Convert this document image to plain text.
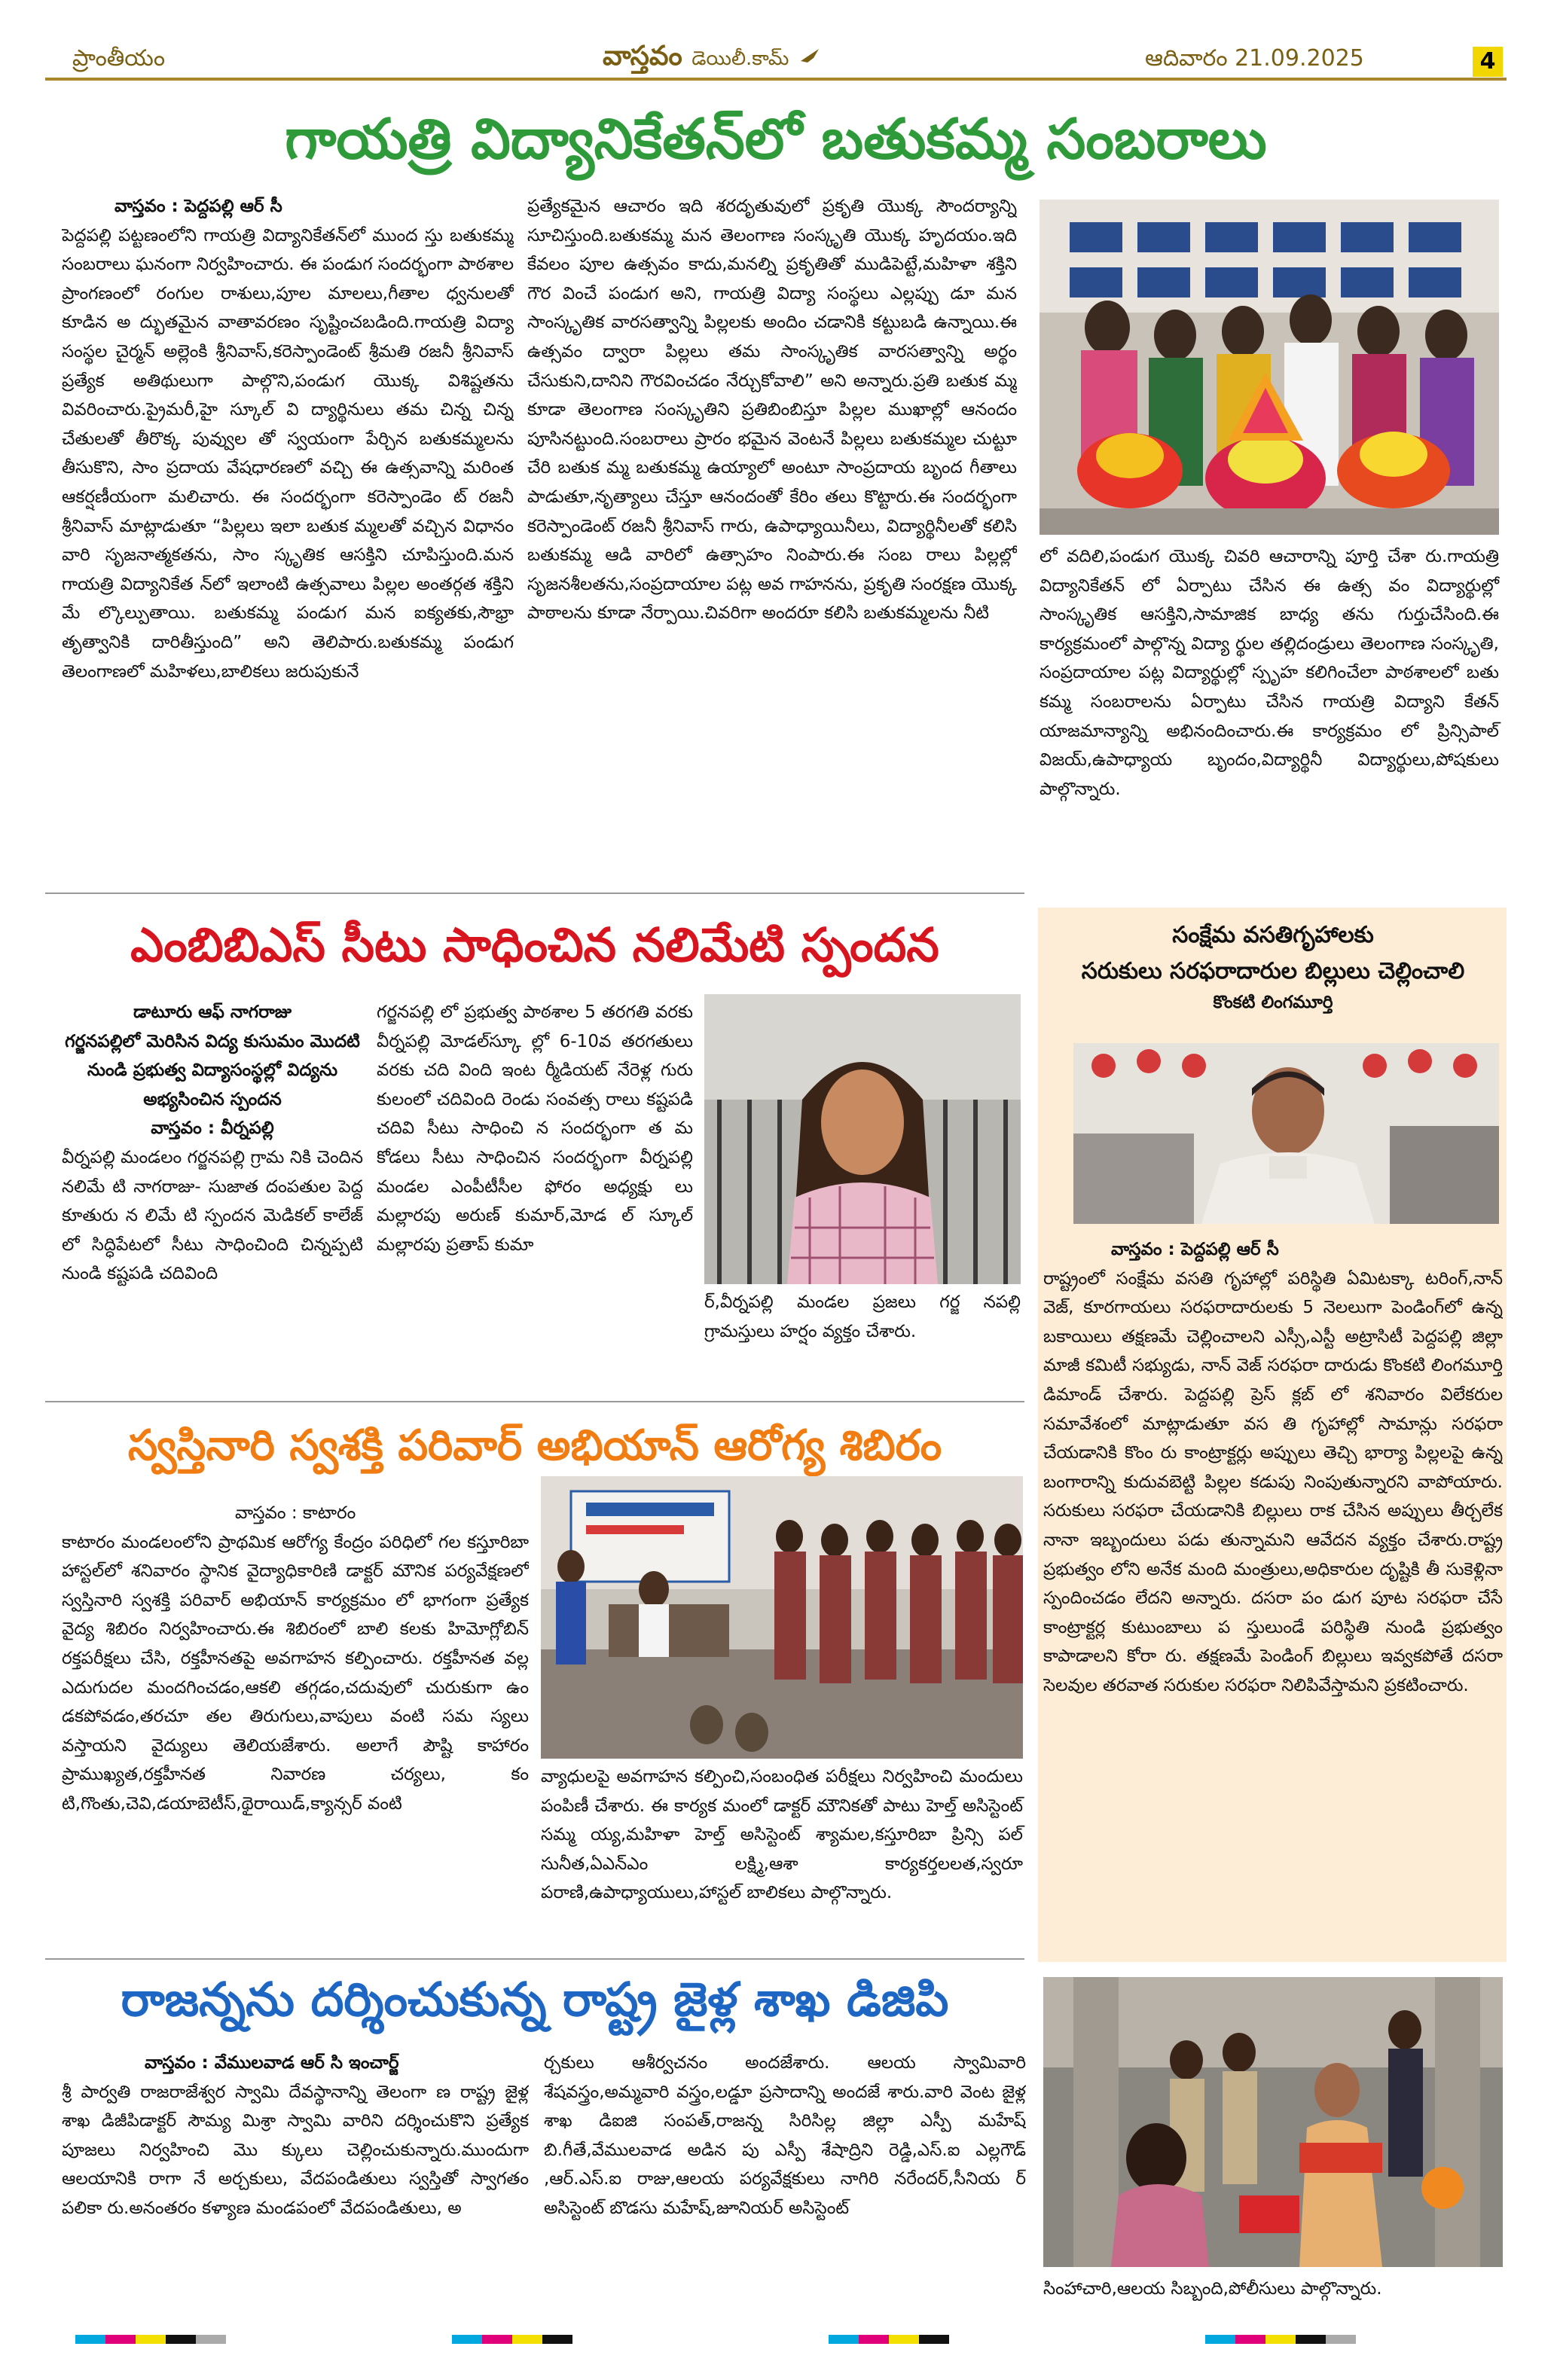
ప్రాంతీయం	వాస్తవం డెయిలీ.కామ్	ఆదివారం 21.09.2025	4
గాయత్రి విద్యానికేతన్‌లో బతుకమ్మ సంబరాలు
వాస్తవం : పెద్దపల్లి ఆర్ సీ
పెద్దపల్లి పట్టణంలోని గాయత్రి విద్యానికేతన్‌లో ముంద స్తు బతుకమ్మ సంబరాలు ఘనంగా నిర్వహించారు. ఈ పండుగ సందర్భంగా పాఠశాల ప్రాంగణంలో రంగుల రాశులు,పూల మాలలు,గీతాల ధ్వనులతో కూడిన అ ద్భుతమైన వాతావరణం సృష్టించబడింది.గాయత్రి విద్యా సంస్థల చైర్మన్ అల్లెంకి శ్రీనివాస్,కరెస్పాండెంట్ శ్రీమతి రజనీ శ్రీనివాస్ ప్రత్యేక అతిథులుగా పాల్గొని,పండుగ యొక్క విశిష్టతను వివరించారు.ప్రైమరీ,హై స్కూల్ వి ద్యార్థినులు తమ చిన్న చిన్న చేతులతో తీరొక్క పువ్వుల తో స్వయంగా పేర్చిన బతుకమ్మలను తీసుకొని, సాం ప్రదాయ వేషధారణలో వచ్చి ఈ ఉత్సవాన్ని మరింత ఆకర్షణీయంగా మలిచారు. ఈ సందర్భంగా కరెస్పాండెం ట్ రజనీ శ్రీనివాస్ మాట్లాడుతూ “పిల్లలు ఇలా బతుక మ్మలతో వచ్చిన విధానం వారి సృజనాత్మకతను, సాం స్కృతిక ఆసక్తిని చూపిస్తుంది.మన గాయత్రి విద్యానికేత న్‌లో ఇలాంటి ఉత్సవాలు పిల్లల అంతర్గత శక్తిని మే ల్కొల్పుతాయి. బతుకమ్మ పండుగ మన ఐక్యతకు,సౌభ్రా తృత్వానికి దారితీస్తుంది” అని తెలిపారు.బతుకమ్మ పండుగ తెలంగాణలో మహిళలు,బాలికలు జరుపుకునే
ప్రత్యేకమైన ఆచారం ఇది శరదృతువులో ప్రకృతి యొక్క సౌందర్యాన్ని సూచిస్తుంది.బతుకమ్మ మన తెలంగాణ సంస్కృతి యొక్క హృదయం.ఇది కేవలం పూల ఉత్సవం కాదు,మనల్ని ప్రకృతితో ముడిపెట్టే,మహిళా శక్తిని గౌర వించే పండుగ అని, గాయత్రి విద్యా సంస్థలు ఎల్లప్పు డూ మన సాంస్కృతిక వారసత్వాన్ని పిల్లలకు అందిం చడానికి కట్టుబడి ఉన్నాయి.ఈ ఉత్సవం ద్వారా పిల్లలు తమ సాంస్కృతిక వారసత్వాన్ని అర్థం చేసుకుని,దానిని గౌరవించడం నేర్చుకోవాలి” అని అన్నారు.ప్రతి బతుక మ్మ కూడా తెలంగాణ సంస్కృతిని ప్రతిబింబిస్తూ పిల్లల ముఖాల్లో ఆనందం పూసినట్టుంది.సంబరాలు ప్రారం భమైన వెంటనే పిల్లలు బతుకమ్మల చుట్టూ చేరి బతుక మ్మ బతుకమ్మ ఉయ్యాలో అంటూ సాంప్రదాయ బృంద గీతాలు పాడుతూ,నృత్యాలు చేస్తూ ఆనందంతో కేరిం తలు కొట్టారు.ఈ సందర్భంగా కరెస్పాండెంట్ రజనీ శ్రీనివాస్ గారు, ఉపాధ్యాయినీలు, విద్యార్థినీలతో కలిసి బతుకమ్మ ఆడి వారిలో ఉత్సాహం నింపారు.ఈ సంబ రాలు పిల్లల్లో సృజనశీలతను,సంప్రదాయాల పట్ల అవ గాహనను, ప్రకృతి సంరక్షణ యొక్క పాఠాలను కూడా నేర్పాయి.చివరిగా అందరూ కలిసి బతుకమ్మలను నీటి
లో వదిలి,పండుగ యొక్క చివరి ఆచారాన్ని పూర్తి చేశా రు.గాయత్రి విద్యానికేతన్ లో ఏర్పాటు చేసిన ఈ ఉత్స వం విద్యార్థుల్లో సాంస్కృతిక ఆసక్తిని,సామాజిక బాధ్య తను గుర్తుచేసింది.ఈ కార్యక్రమంలో పాల్గొన్న విద్యా ర్థుల తల్లిదండ్రులు తెలంగాణ సంస్కృతి, సంప్రదాయాల పట్ల విద్యార్థుల్లో స్పృహ కలిగించేలా పాఠశాలలో బతు కమ్మ సంబరాలను ఏర్పాటు చేసిన గాయత్రి విద్యాని కేతన్ యాజమాన్యాన్ని అభినందించారు.ఈ కార్యక్రమం లో ప్రిన్సిపాల్ విజయ్,ఉపాధ్యాయ బృందం,విద్యార్థినీ విద్యార్థులు,పోషకులు పాల్గొన్నారు.
ఎంబిబిఎస్ సీటు సాధించిన నలిమేటి స్పందన
డాటూరు ఆఫ్ నాగరాజు
గర్జనపల్లిలో మెరిసిన విద్య కుసుమం మొదటి నుండి ప్రభుత్వ విద్యాసంస్థల్లో విద్యను అభ్యసించిన స్పందన
వాస్తవం : వీర్నపల్లి
వీర్నపల్లి మండలం గర్జనపల్లి గ్రామ నికి చెందిన నలిమే టి నాగరాజు- సుజాత దంపతుల పెద్ద కూతురు న లిమే టి స్పందన మెడికల్ కాలేజ్ లో సిద్ధిపేటలో సీటు సాధించింది చిన్నప్పటి నుండి కష్టపడి చదివింది
గర్జనపల్లి లో ప్రభుత్వ పాఠశాల 5 తరగతి వరకు వీర్నపల్లి మోడల్‌స్కూ ల్లో 6-10వ తరగతులు వరకు చది వింది ఇంట ర్మీడియట్ నేరెళ్ల గురు కులంలో చదివింది రెండు సంవత్స రాలు కష్టపడి చదివి సీటు సాధించి న సందర్భంగా త మ కోడలు సీటు సాధించిన సందర్భంగా వీర్నపల్లి మండల ఎంపీటీసీల ఫోరం అధ్యక్షు లు మల్లారపు అరుణ్ కుమార్,మోడ ల్ స్కూల్ మల్లారపు ప్రతాప్ కుమా
ర్,వీర్నపల్లి మండల ప్రజలు గర్జ నపల్లి గ్రామస్తులు హర్షం వ్యక్తం చేశారు.
సంక్షేమ వసతిగృహాలకు
సరుకులు సరఫరాదారుల బిల్లులు చెల్లించాలి
కొంకటి లింగమూర్తి
వాస్తవం : పెద్దపల్లి ఆర్ సీ
రాష్ట్రంలో సంక్షేమ వసతి గృహాల్లో పరిస్థితి ఏమిటక్కా టరింగ్,నాన్ వెజ్, కూరగాయలు సరఫరాదారులకు 5 నెలలుగా పెండింగ్‌లో ఉన్న బకాయిలు తక్షణమే చెల్లించాలని ఎస్సీ,ఎస్టీ అట్రాసిటీ పెద్దపల్లి జిల్లా మాజీ కమిటీ సభ్యుడు, నాన్ వెజ్ సరఫరా దారుడు కొంకటి లింగమూర్తి డిమాండ్ చేశారు. పెద్దపల్లి ప్రెస్ క్లబ్ లో శనివారం విలేకరుల సమావేశంలో మాట్లాడుతూ వస తి గృహాల్లో సామాన్లు సరఫరా చేయడానికి కొంం రు కాంట్రాక్టర్లు అప్పులు తెచ్చి భార్యా పిల్లలపై ఉన్న బంగారాన్ని కుదువబెట్టి పిల్లల కడుపు నింపుతున్నారని వాపోయారు. సరుకులు సరఫరా చేయడానికి బిల్లులు రాక చేసిన అప్పులు తీర్చలేక నానా ఇబ్బందులు పడు తున్నామని ఆవేదన వ్యక్తం చేశారు.రాష్ట్ర ప్రభుత్వం లోని అనేక మంది మంత్రులు,అధికారుల దృష్టికి తీ సుకెళ్లినా స్పందించడం లేదని అన్నారు. దసరా పం డుగ పూట సరఫరా చేసే కాంట్రాక్టర్ల కుటుంబాలు ప స్తులుండే పరిస్థితి నుండి ప్రభుత్వం కాపాడాలని కోరా రు. తక్షణమే పెండింగ్ బిల్లులు ఇవ్వకపోతే దసరా సెలవుల తరవాత సరుకుల సరఫరా నిలిపివేస్తామని ప్రకటించారు.
స్వస్తినారి స్వశక్తి పరివార్ అభియాన్ ఆరోగ్య శిబిరం
వాస్తవం : కాటారం
కాటారం మండలంలోని ప్రాథమిక ఆరోగ్య కేంద్రం పరిధిలో గల కస్తూరిబా హాస్టల్‌లో శనివారం స్థానిక వైద్యాధికారిణి డాక్టర్ మౌనిక పర్యవేక్షణలో స్వస్తినారి స్వశక్తి పరివార్ అభియాన్ కార్యక్రమం లో భాగంగా ప్రత్యేక వైద్య శిబిరం నిర్వహించారు.ఈ శిబిరంలో బాలి కలకు హిమోగ్లోబిన్ రక్తపరీక్షలు చేసి, రక్తహీనతపై అవగాహన కల్పించారు. రక్తహీనత వల్ల ఎదుగుదల మందగించడం,ఆకలి తగ్గడం,చదువులో చురుకుగా ఉం డకపోవడం,తరచూ తల తిరుగులు,వాపులు వంటి సమ స్యలు వస్తాయని వైద్యులు తెలియజేశారు. అలాగే పౌష్టి కాహారం ప్రాముఖ్యత,రక్తహీనత నివారణ చర్యలు, కం టి,గొంతు,చెవి,డయాబెటీస్,థైరాయిడ్,క్యాన్సర్ వంటి
వ్యాధులపై అవగాహన కల్పించి,సంబంధిత పరీక్షలు నిర్వహించి మందులు పంపిణీ చేశారు. ఈ కార్యక మంలో డాక్టర్ మౌనికతో పాటు హెల్త్ అసిస్టెంట్ సమ్మ య్య,మహిళా హెల్త్ అసిస్టెంట్ శ్యామల,కస్తూరిబా ప్రిన్సి పల్ సునీత,ఏఎన్ఎం లక్ష్మి,ఆశా కార్యకర్తలలత,స్వరూ పరాణి,ఉపాధ్యాయులు,హాస్టల్ బాలికలు పాల్గొన్నారు.
రాజన్నను దర్శించుకున్న రాష్ట్ర జైళ్ల శాఖ డిజిపి
వాస్తవం : వేములవాడ ఆర్ సి ఇంచార్జ్
శ్రీ పార్వతి రాజరాజేశ్వర స్వామి దేవస్థానాన్ని తెలంగా ణ రాష్ట్ర జైళ్ల శాఖ డిజీపిడాక్టర్ సౌమ్య మిశ్రా స్వామి వారిని దర్శించుకొని ప్రత్యేక పూజలు నిర్వహించి మొ క్కులు చెల్లించుకున్నారు.ముందుగా ఆలయానికి రాగా నే అర్చకులు, వేదపండితులు స్వస్తితో స్వాగతం పలికా రు.అనంతరం కళ్యాణ మండపంలో వేదపండితులు, అ
ర్చకులు ఆశీర్వచనం అందజేశారు. ఆలయ స్వామివారి శేషవస్త్రం,అమ్మవారి వస్త్రం,లడ్డూ ప్రసాదాన్ని అందజే శారు.వారి వెంట జైళ్ల శాఖ డిఐజి సంపత్,రాజన్న సిరిసిల్ల జిల్లా ఎస్పీ మహేష్ బి.గీతే,వేములవాడ అడిన పు ఎస్పీ శేషాద్రిని రెడ్డి,ఎస్.ఐ ఎల్లగౌడ్ ,ఆర్.ఎస్.ఐ రాజు,ఆలయ పర్యవేక్షకులు నాగిరి నరేందర్,సీనియ ర్ అసిస్టెంట్ బొడసు మహేష్,జూనియర్ అసిస్టెంట్
సింహాచారి,ఆలయ సిబ్బంది,పోలీసులు పాల్గొన్నారు.
